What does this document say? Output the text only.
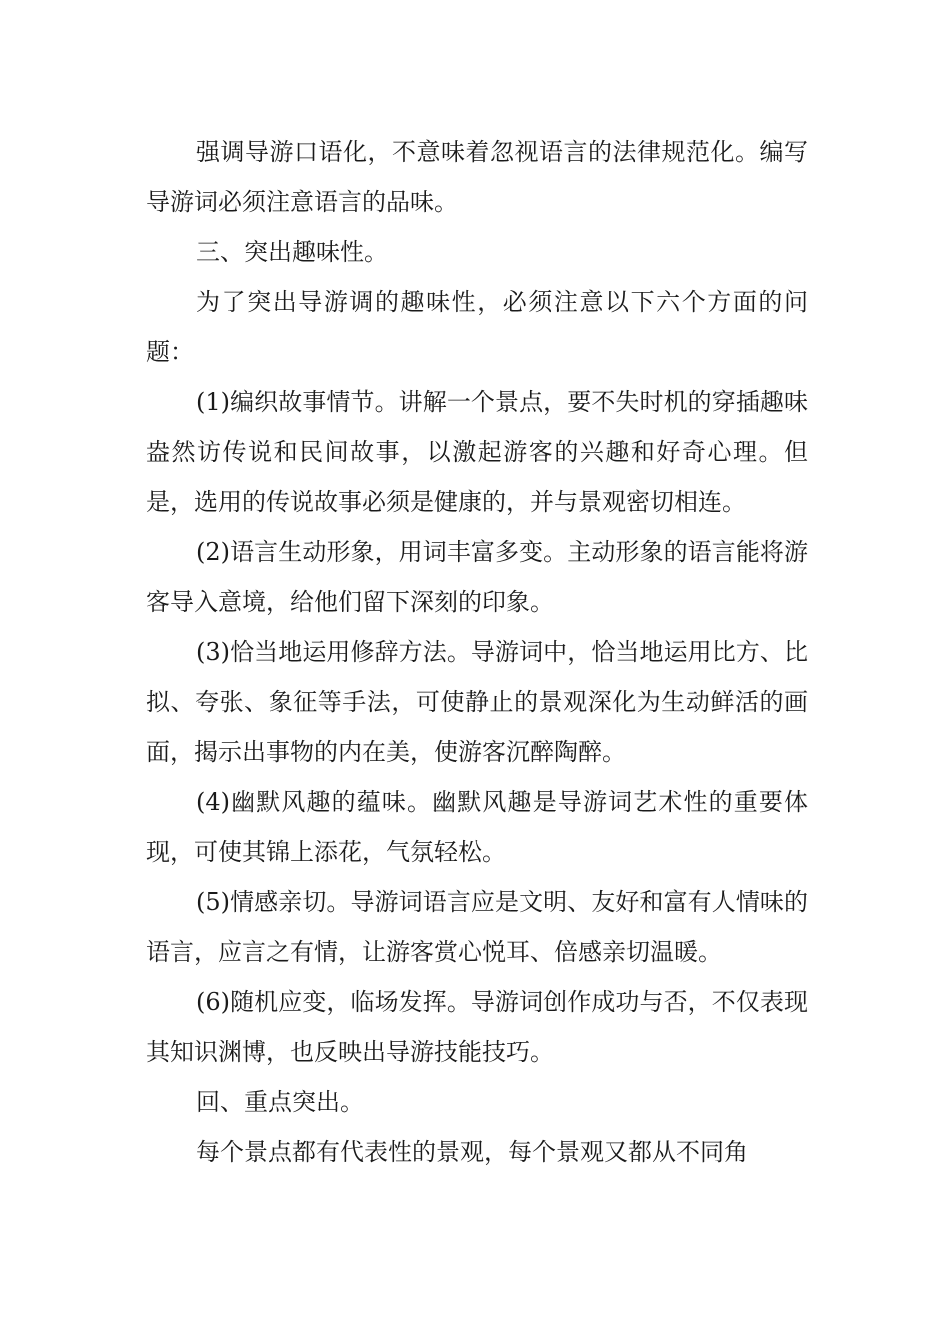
强调导游口语化，不意味着忽视语言的法律规范化。编写导游词必须注意语言的品味。

三、突出趣味性。

为了突出导游调的趣味性，必须注意以下六个方面的问题：

(1)编织故事情节。讲解一个景点，要不失时机的穿插趣味盎然访传说和民间故事，以激起游客的兴趣和好奇心理。但是，选用的传说故事必须是健康的，并与景观密切相连。

(2)语言生动形象，用词丰富多变。主动形象的语言能将游客导入意境，给他们留下深刻的印象。

(3)恰当地运用修辞方法。导游词中，恰当地运用比方、比拟、夸张、象征等手法，可使静止的景观深化为生动鲜活的画面，揭示出事物的内在美，使游客沉醉陶醉。

(4)幽默风趣的蕴味。幽默风趣是导游词艺术性的重要体现，可使其锦上添花，气氛轻松。

(5)情感亲切。导游词语言应是文明、友好和富有人情味的语言，应言之有情，让游客赏心悦耳、倍感亲切温暖。

(6)随机应变，临场发挥。导游词创作成功与否，不仅表现其知识渊博，也反映出导游技能技巧。

回、重点突出。

每个景点都有代表性的景观，每个景观又都从不同角
